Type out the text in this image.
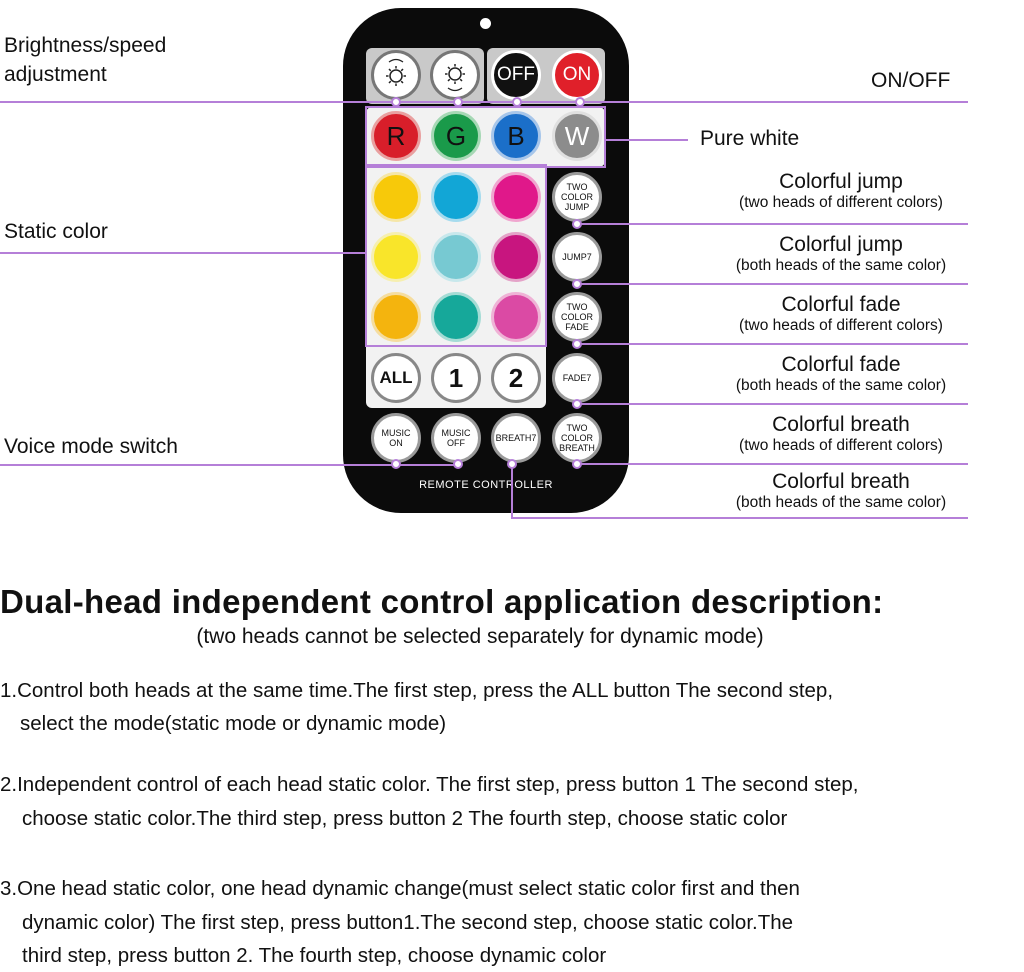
OFF ON
R G B W
ALL 1 2
TWO COLOR JUMP
JUMP7
TWO COLOR FADE
FADE7
TWO COLOR BREATH
MUSIC ON
MUSIC OFF	BREATH7
REMOTE CONTROLLER
Brightness/speed
adjustment	ON/OFF
Pure white
Static color
Voice mode switch
Colorful jump
(two heads of different colors)
Colorful jump
(both heads of the same color)
Colorful fade
(two heads of different colors)
Colorful fade
(both heads of the same color)
Colorful breath
(two heads of different colors)
Colorful breath
(both heads of the same color)
Dual-head independent control application description:
(two heads cannot be selected separately for dynamic mode)
1.Control both heads at the same time.The first step, press the ALL button The second step,
select the mode(static mode or dynamic mode)
2.Independent control of each head static color. The first step, press button 1 The second step,
choose static color.The third step, press button 2 The fourth step, choose static color
3.One head static color, one head dynamic change(must select static color first and then
dynamic color) The first step, press button1.The second step, choose static color.The
third step, press button 2. The fourth step, choose dynamic color
